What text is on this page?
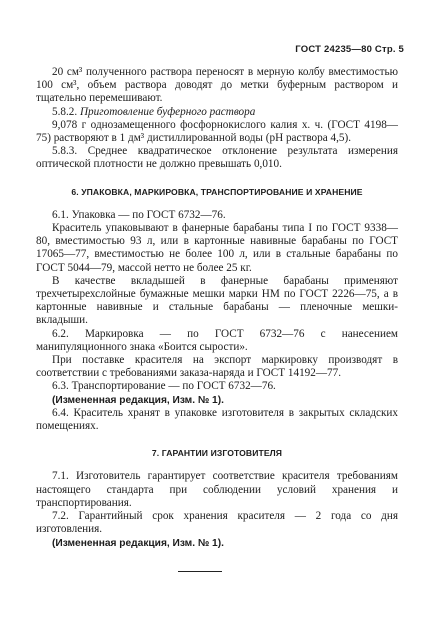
ГОСТ 24235—80 Стр. 5

20 см³ полученного раствора переносят в мерную колбу вместимостью 100 см³, объем раствора доводят до метки буферным раствором и тщательно перемешивают.

5.8.2. Приготовление буферного раствора

9,078 г однозамещенного фосфорнокислого калия х. ч. (ГОСТ 4198—75) растворяют в 1 дм³ дистиллированной воды (pH раствора 4,5).

5.8.3. Среднее квадратическое отклонение результата измерения оптической плотности не должно превышать 0,010.

6. УПАКОВКА, МАРКИРОВКА, ТРАНСПОРТИРОВАНИЕ И ХРАНЕНИЕ

6.1. Упаковка — по ГОСТ 6732—76.

Краситель упаковывают в фанерные барабаны типа I по ГОСТ 9338—80, вместимостью 93 л, или в картонные навивные барабаны по ГОСТ 17065—77, вместимостью не более 100 л, или в стальные барабаны по ГОСТ 5044—79, массой нетто не более 25 кг.

В качестве вкладышей в фанерные барабаны применяют трехчетырехслойные бумажные мешки марки НМ по ГОСТ 2226—75, а в картонные навивные и стальные барабаны — пленочные мешки-вкладыши.

6.2. Маркировка — по ГОСТ 6732—76 с нанесением манипуляционного знака «Боится сырости».

При поставке красителя на экспорт маркировку производят в соответствии с требованиями заказа-наряда и ГОСТ 14192—77.

6.3. Транспортирование — по ГОСТ 6732—76.

(Измененная редакция, Изм. № 1).

6.4. Краситель хранят в упаковке изготовителя в закрытых складских помещениях.

7. ГАРАНТИИ ИЗГОТОВИТЕЛЯ

7.1. Изготовитель гарантирует соответствие красителя требованиям настоящего стандарта при соблюдении условий хранения и транспортирования.

7.2. Гарантийный срок хранения красителя — 2 года со дня изготовления.

(Измененная редакция, Изм. № 1).
